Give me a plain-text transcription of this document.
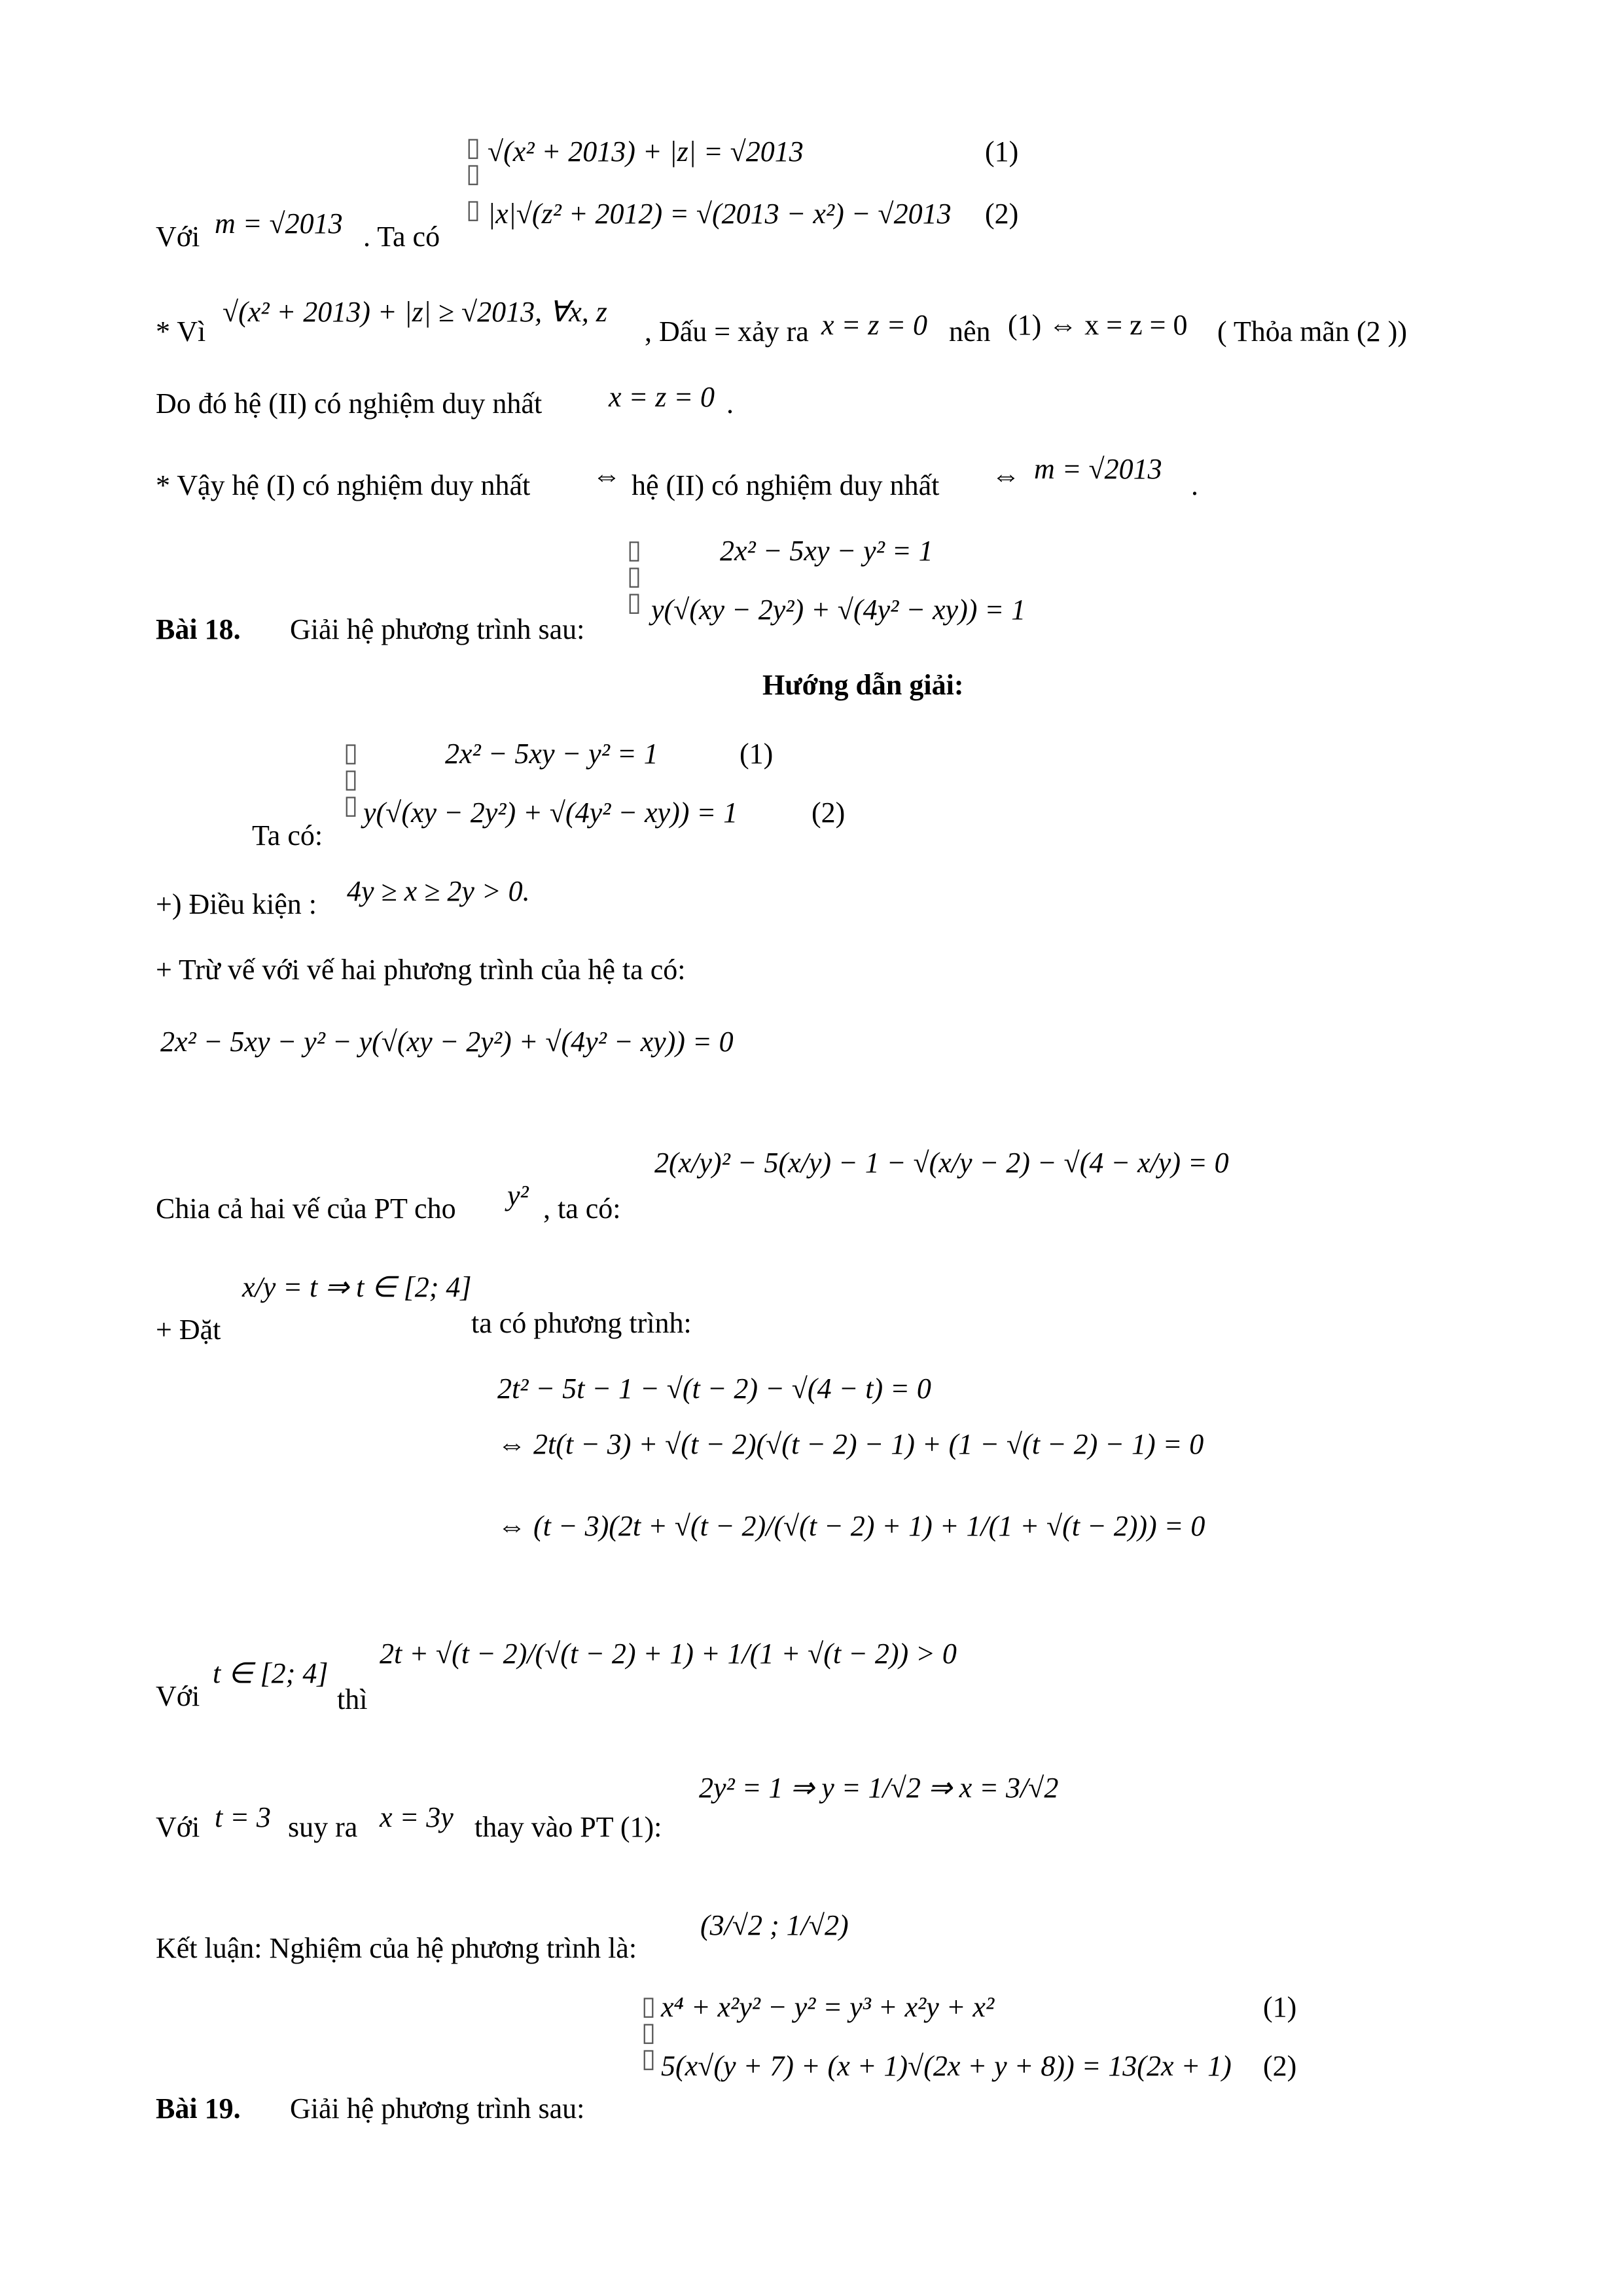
▯
▯
√(x² + 2013) + |z| = √2013	(1)
Với m = √2013 . Ta có
▯ |x|√(z² + 2012) = √(2013 − x²) − √2013 (2)
* Vì
√(x² + 2013) + |z| ≥ √2013, ∀x, z
, Dấu = xảy ra x = z = 0 nên (1) ⇔ x = z = 0 ( Thỏa mãn (2 ))
Do đó hệ (II) có nghiệm duy nhất x = z = 0 .
* Vậy hệ (I) có nghiệm duy nhất ⇔ hệ (II) có nghiệm duy nhất ⇔ m = √2013
.
▯
▯
▯
2x² − 5xy − y² = 1
Bài 18. Giải hệ phương trình sau:
y(√(xy − 2y²) + √(4y² − xy)) = 1
Hướng dẫn giải:
▯
▯
▯
2x² − 5xy − y² = 1	(1)
Ta có:
y(√(xy − 2y²) + √(4y² − xy)) = 1	(2)
+) Điều kiện : 4y ≥ x ≥ 2y > 0.
+ Trừ vế với vế hai phương trình của hệ ta có:
2x² − 5xy − y² − y(√(xy − 2y²) + √(4y² − xy)) = 0
2(x/y)² − 5(x/y) − 1 − √(x/y − 2) − √(4 − x/y) = 0
Chia cả hai vế của PT cho y² , ta có:
x/y = t ⇒ t ∈ [2; 4]
+ Đặt	ta có phương trình:
2t² − 5t − 1 − √(t − 2) − √(4 − t) = 0
⇔ 2t(t − 3) + √(t − 2)(√(t − 2) − 1) + (1 − √(t − 2) − 1) = 0
⇔ (t − 3)(2t + √(t − 2)/(√(t − 2) + 1) + 1/(1 + √(t − 2))) = 0
2t + √(t − 2)/(√(t − 2) + 1) + 1/(1 + √(t − 2)) > 0
Với
t ∈ [2; 4]
thì
2y² = 1 ⇒ y = 1/√2 ⇒ x = 3/√2
Với t = 3 suy ra x = 3y thay vào PT (1):
(3/√2 ; 1/√2)
Kết luận: Nghiệm của hệ phương trình là:
▯
▯
▯
x⁴ + x²y² − y² = y³ + x²y + x²	(1)
5(x√(y + 7) + (x + 1)√(2x + y + 8)) = 13(2x + 1) (2)
Bài 19. Giải hệ phương trình sau:
